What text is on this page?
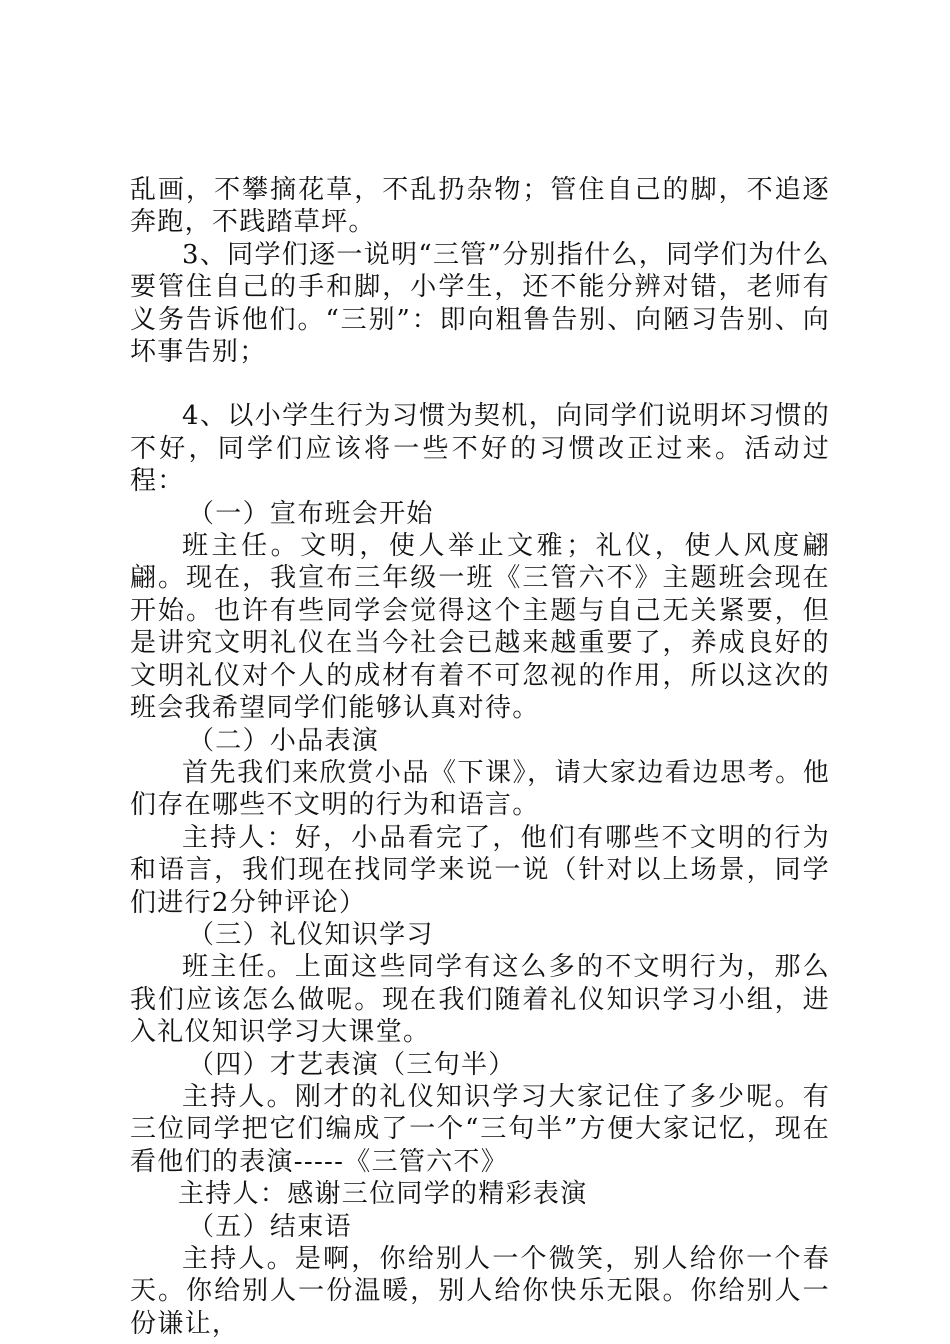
乱画，不攀摘花草，不乱扔杂物；管住自己的脚，不追逐奔跑，不践踏草坪。

3、同学们逐一说明“三管”分别指什么，同学们为什么要管住自己的手和脚，小学生，还不能分辨对错，老师有义务告诉他们。“三别”：即向粗鲁告别、向陋习告别、向坏事告别；

4、以小学生行为习惯为契机，向同学们说明坏习惯的不好，同学们应该将一些不好的习惯改正过来。活动过程：

（一）宣布班会开始

班主任。文明，使人举止文雅；礼仪，使人风度翩翩。现在，我宣布三年级一班《三管六不》主题班会现在开始。也许有些同学会觉得这个主题与自己无关紧要，但是讲究文明礼仪在当今社会已越来越重要了，养成良好的文明礼仪对个人的成材有着不可忽视的作用，所以这次的班会我希望同学们能够认真对待。

（二）小品表演

首先我们来欣赏小品《下课》，请大家边看边思考。他们存在哪些不文明的行为和语言。

主持人：好，小品看完了，他们有哪些不文明的行为和语言，我们现在找同学来说一说（针对以上场景，同学们进行2分钟评论）

（三）礼仪知识学习

班主任。上面这些同学有这么多的不文明行为，那么我们应该怎么做呢。现在我们随着礼仪知识学习小组，进入礼仪知识学习大课堂。

（四）才艺表演（三句半）

主持人。刚才的礼仪知识学习大家记住了多少呢。有三位同学把它们编成了一个“三句半”方便大家记忆，现在看他们的表演-----《三管六不》

主持人：感谢三位同学的精彩表演

（五）结束语

主持人。是啊，你给别人一个微笑，别人给你一个春天。你给别人一份温暖，别人给你快乐无限。你给别人一份谦让，
